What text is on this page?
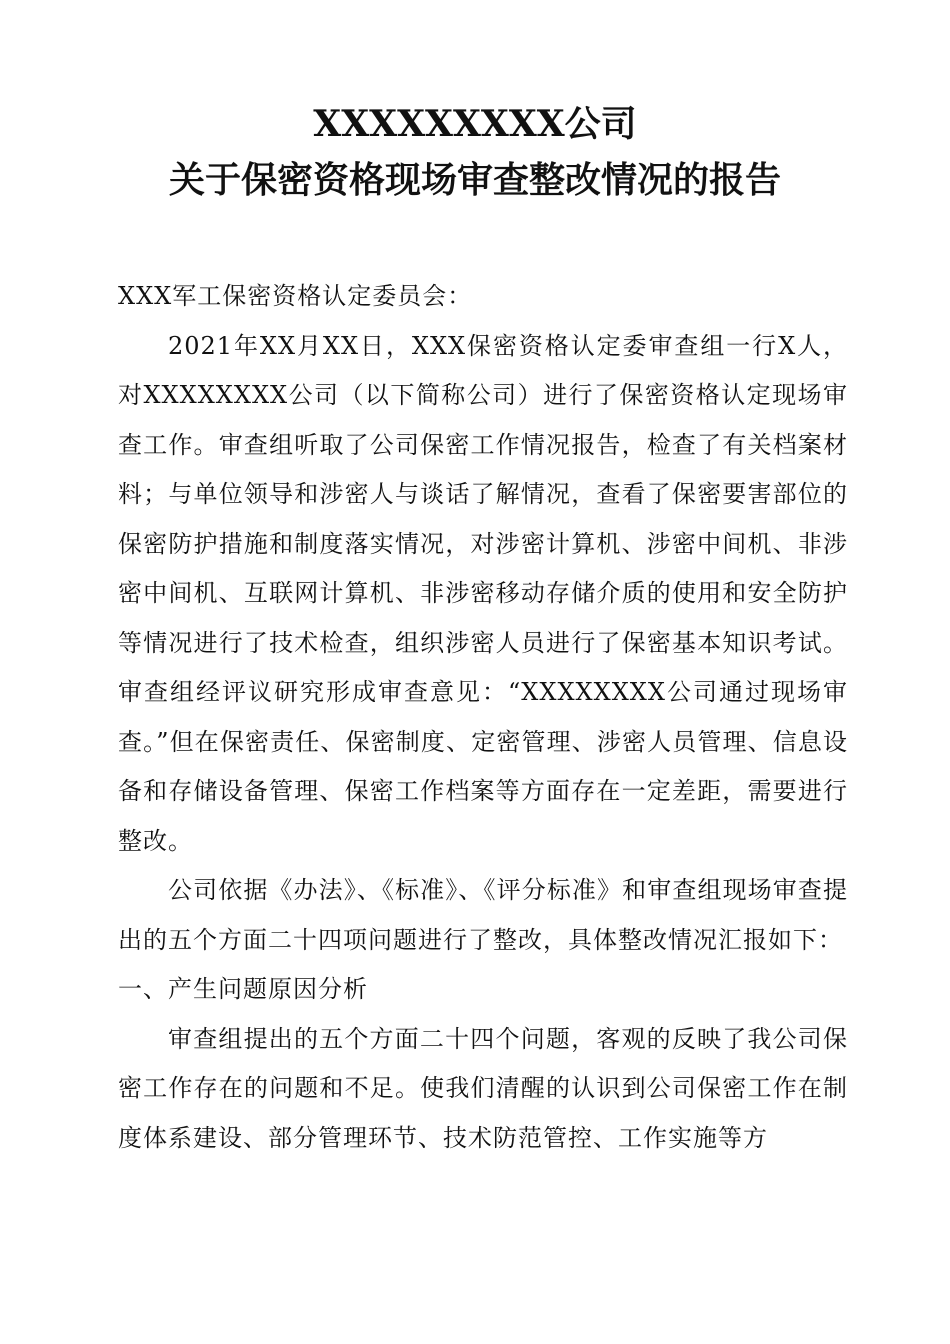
XXXXXXXXX公司
关于保密资格现场审查整改情况的报告

XXX军工保密资格认定委员会：

2021年XX月XX日，XXX保密资格认定委审查组一行X人，对XXXXXXXX公司（以下简称公司）进行了保密资格认定现场审查工作。审查组听取了公司保密工作情况报告，检查了有关档案材料；与单位领导和涉密人与谈话了解情况，查看了保密要害部位的保密防护措施和制度落实情况，对涉密计算机、涉密中间机、非涉密中间机、互联网计算机、非涉密移动存储介质的使用和安全防护等情况进行了技术检查，组织涉密人员进行了保密基本知识考试。审查组经评议研究形成审查意见：“XXXXXXXX公司通过现场审查。”但在保密责任、保密制度、定密管理、涉密人员管理、信息设备和存储设备管理、保密工作档案等方面存在一定差距，需要进行整改。

公司依据《办法》、《标准》、《评分标准》和审查组现场审查提出的五个方面二十四项问题进行了整改，具体整改情况汇报如下：

一、产生问题原因分析

审查组提出的五个方面二十四个问题，客观的反映了我公司保密工作存在的问题和不足。使我们清醒的认识到公司保密工作在制度体系建设、部分管理环节、技术防范管控、工作实施等方
